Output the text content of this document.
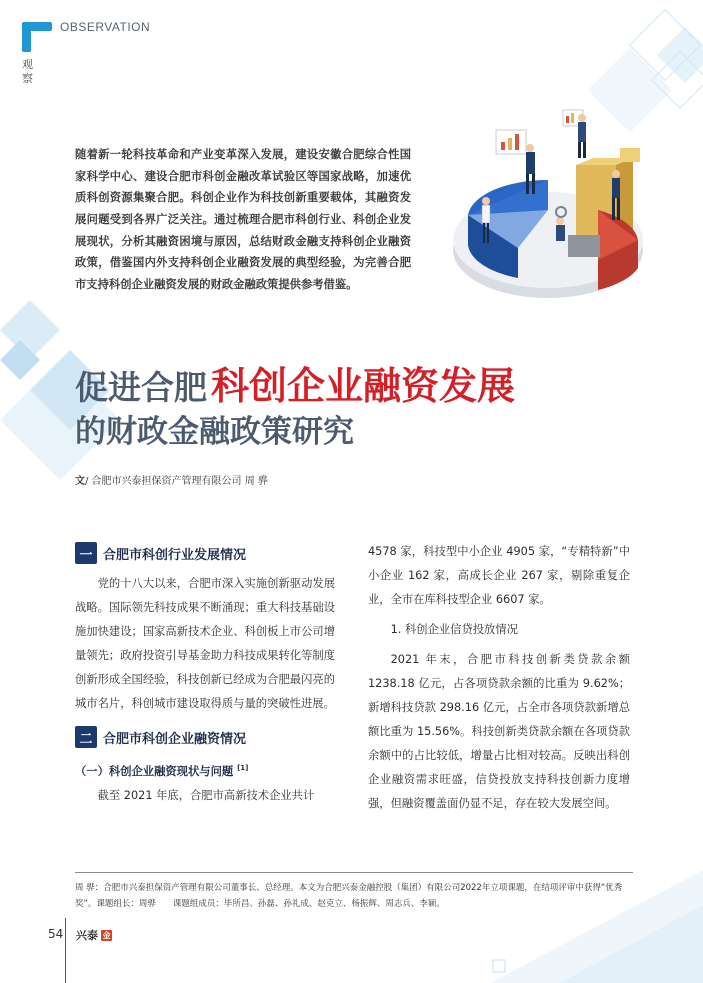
OBSERVATION
观察

随着新一轮科技革命和产业变革深入发展，建设安徽合肥综合性国家科学中心、建设合肥市科创金融改革试验区等国家战略，加速优质科创资源集聚合肥。科创企业作为科技创新重要载体，其融资发展问题受到各界广泛关注。通过梳理合肥市科创行业、科创企业发展现状，分析其融资困境与原因，总结财政金融支持科创企业融资政策，借鉴国内外支持科创企业融资发展的典型经验，为完善合肥市支持科创企业融资发展的财政金融政策提供参考借鉴。

促进合肥 科创企业融资发展
的财政金融政策研究
文/ 合肥市兴泰担保资产管理有限公司 周 骅
一 合肥市科创行业发展情况

党的十八大以来，合肥市深入实施创新驱动发展战略。国际领先科技成果不断涌现；重大科技基础设施加快建设；国家高新技术企业、科创板上市公司增量领先；政府投资引导基金助力科技成果转化等制度创新形成全国经验，科技创新已经成为合肥最闪亮的城市名片，科创城市建设取得质与量的突破性进展。

二 合肥市科创企业融资情况

（一）科创企业融资现状与问题 [1]

截至 2021 年底，合肥市高新技术企业共计

4578 家，科技型中小企业 4905 家，“专精特新”中小企业 162 家，高成长企业 267 家，剔除重复企业，全市在库科技型企业 6607 家。

1. 科创企业信贷投放情况

2021 年末，合肥市科技创新类贷款余额 1238.18 亿元，占各项贷款余额的比重为 9.62%；新增科技贷款 298.16 亿元，占全市各项贷款新增总额比重为 15.56%。科技创新类贷款余额在各项贷款余额中的占比较低，增量占比相对较高。反映出科创企业融资需求旺盛，信贷投放支持科技创新力度增强，但融资覆盖面仍显不足，存在较大发展空间。

周 骅：合肥市兴泰担保资产管理有限公司董事长、总经理。本文为合肥兴泰金融控股（集团）有限公司2022年立项课题，在结项评审中获得“优秀奖”。课题组长：周骅　　课题组成员：毕所昌、孙磊、孙礼成、赵克立、杨振辉、周志兵、李颖。
54 兴泰 金
